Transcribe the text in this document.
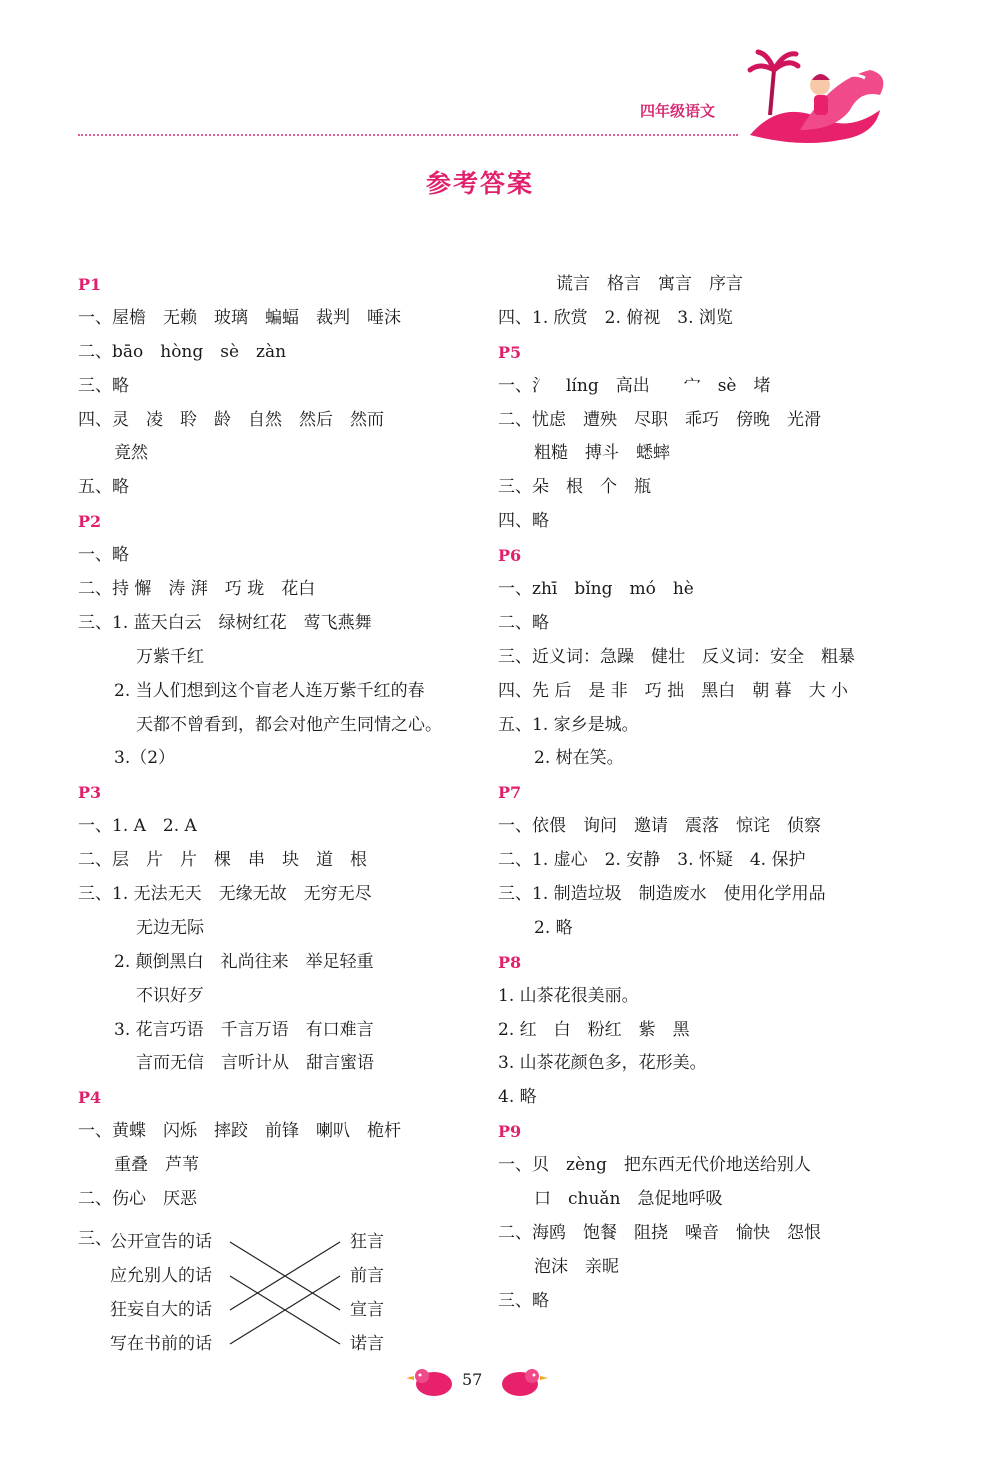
四年级语文
参考答案
P1
一、屋檐　无赖　玻璃　蝙蝠　裁判　唾沫
二、bāo　hòng　sè　zàn
三、略
四、灵　凌　聆　龄　自然　然后　然而
竟然
五、略
P2
一、略
二、持 懈　涛 湃　巧 珑　花白
三、1. 蓝天白云　绿树红花　莺飞燕舞
万紫千红
2. 当人们想到这个盲老人连万紫千红的春
天都不曾看到，都会对他产生同情之心。
3.（2）
P3
一、1. A　2. A
二、层　片　片　棵　串　块　道　根
三、1. 无法无天　无缘无故　无穷无尽
无边无际
2. 颠倒黑白　礼尚往来　举足轻重
不识好歹
3. 花言巧语　千言万语　有口难言
言而无信　言听计从　甜言蜜语
P4
一、黄蝶　闪烁　摔跤　前锋　喇叭　桅杆
重叠　芦苇
二、伤心　厌恶
谎言　格言　寓言　序言
四、1. 欣赏　2. 俯视　3. 浏览
P5
一、氵　líng　高出　　宀　sè　堵
二、忧虑　遭殃　尽职　乖巧　傍晚　光滑
粗糙　搏斗　蟋蟀
三、朵　根　个　瓶
四、略
P6
一、zhī　bǐng　mó　hè
二、略
三、近义词：急躁　健壮　反义词：安全　粗暴
四、先 后　是 非　巧 拙　黑白　朝 暮　大 小
五、1. 家乡是城。
2. 树在笑。
P7
一、依偎　询问　邀请　震落　惊诧　侦察
二、1. 虚心　2. 安静　3. 怀疑　4. 保护
三、1. 制造垃圾　制造废水　使用化学用品
2. 略
P8
1. 山茶花很美丽。
2. 红　白　粉红　紫　黑
3. 山茶花颜色多，花形美。
4. 略
P9
一、贝　zèng　把东西无代价地送给别人
口　chuǎn　急促地呼吸
二、海鸥　饱餐　阻挠　噪音　愉快　怨恨
泡沫　亲昵
三、略
三、
公开宣告的话
应允别人的话
狂妄自大的话
写在书前的话
狂言
前言
宣言
诺言
57
